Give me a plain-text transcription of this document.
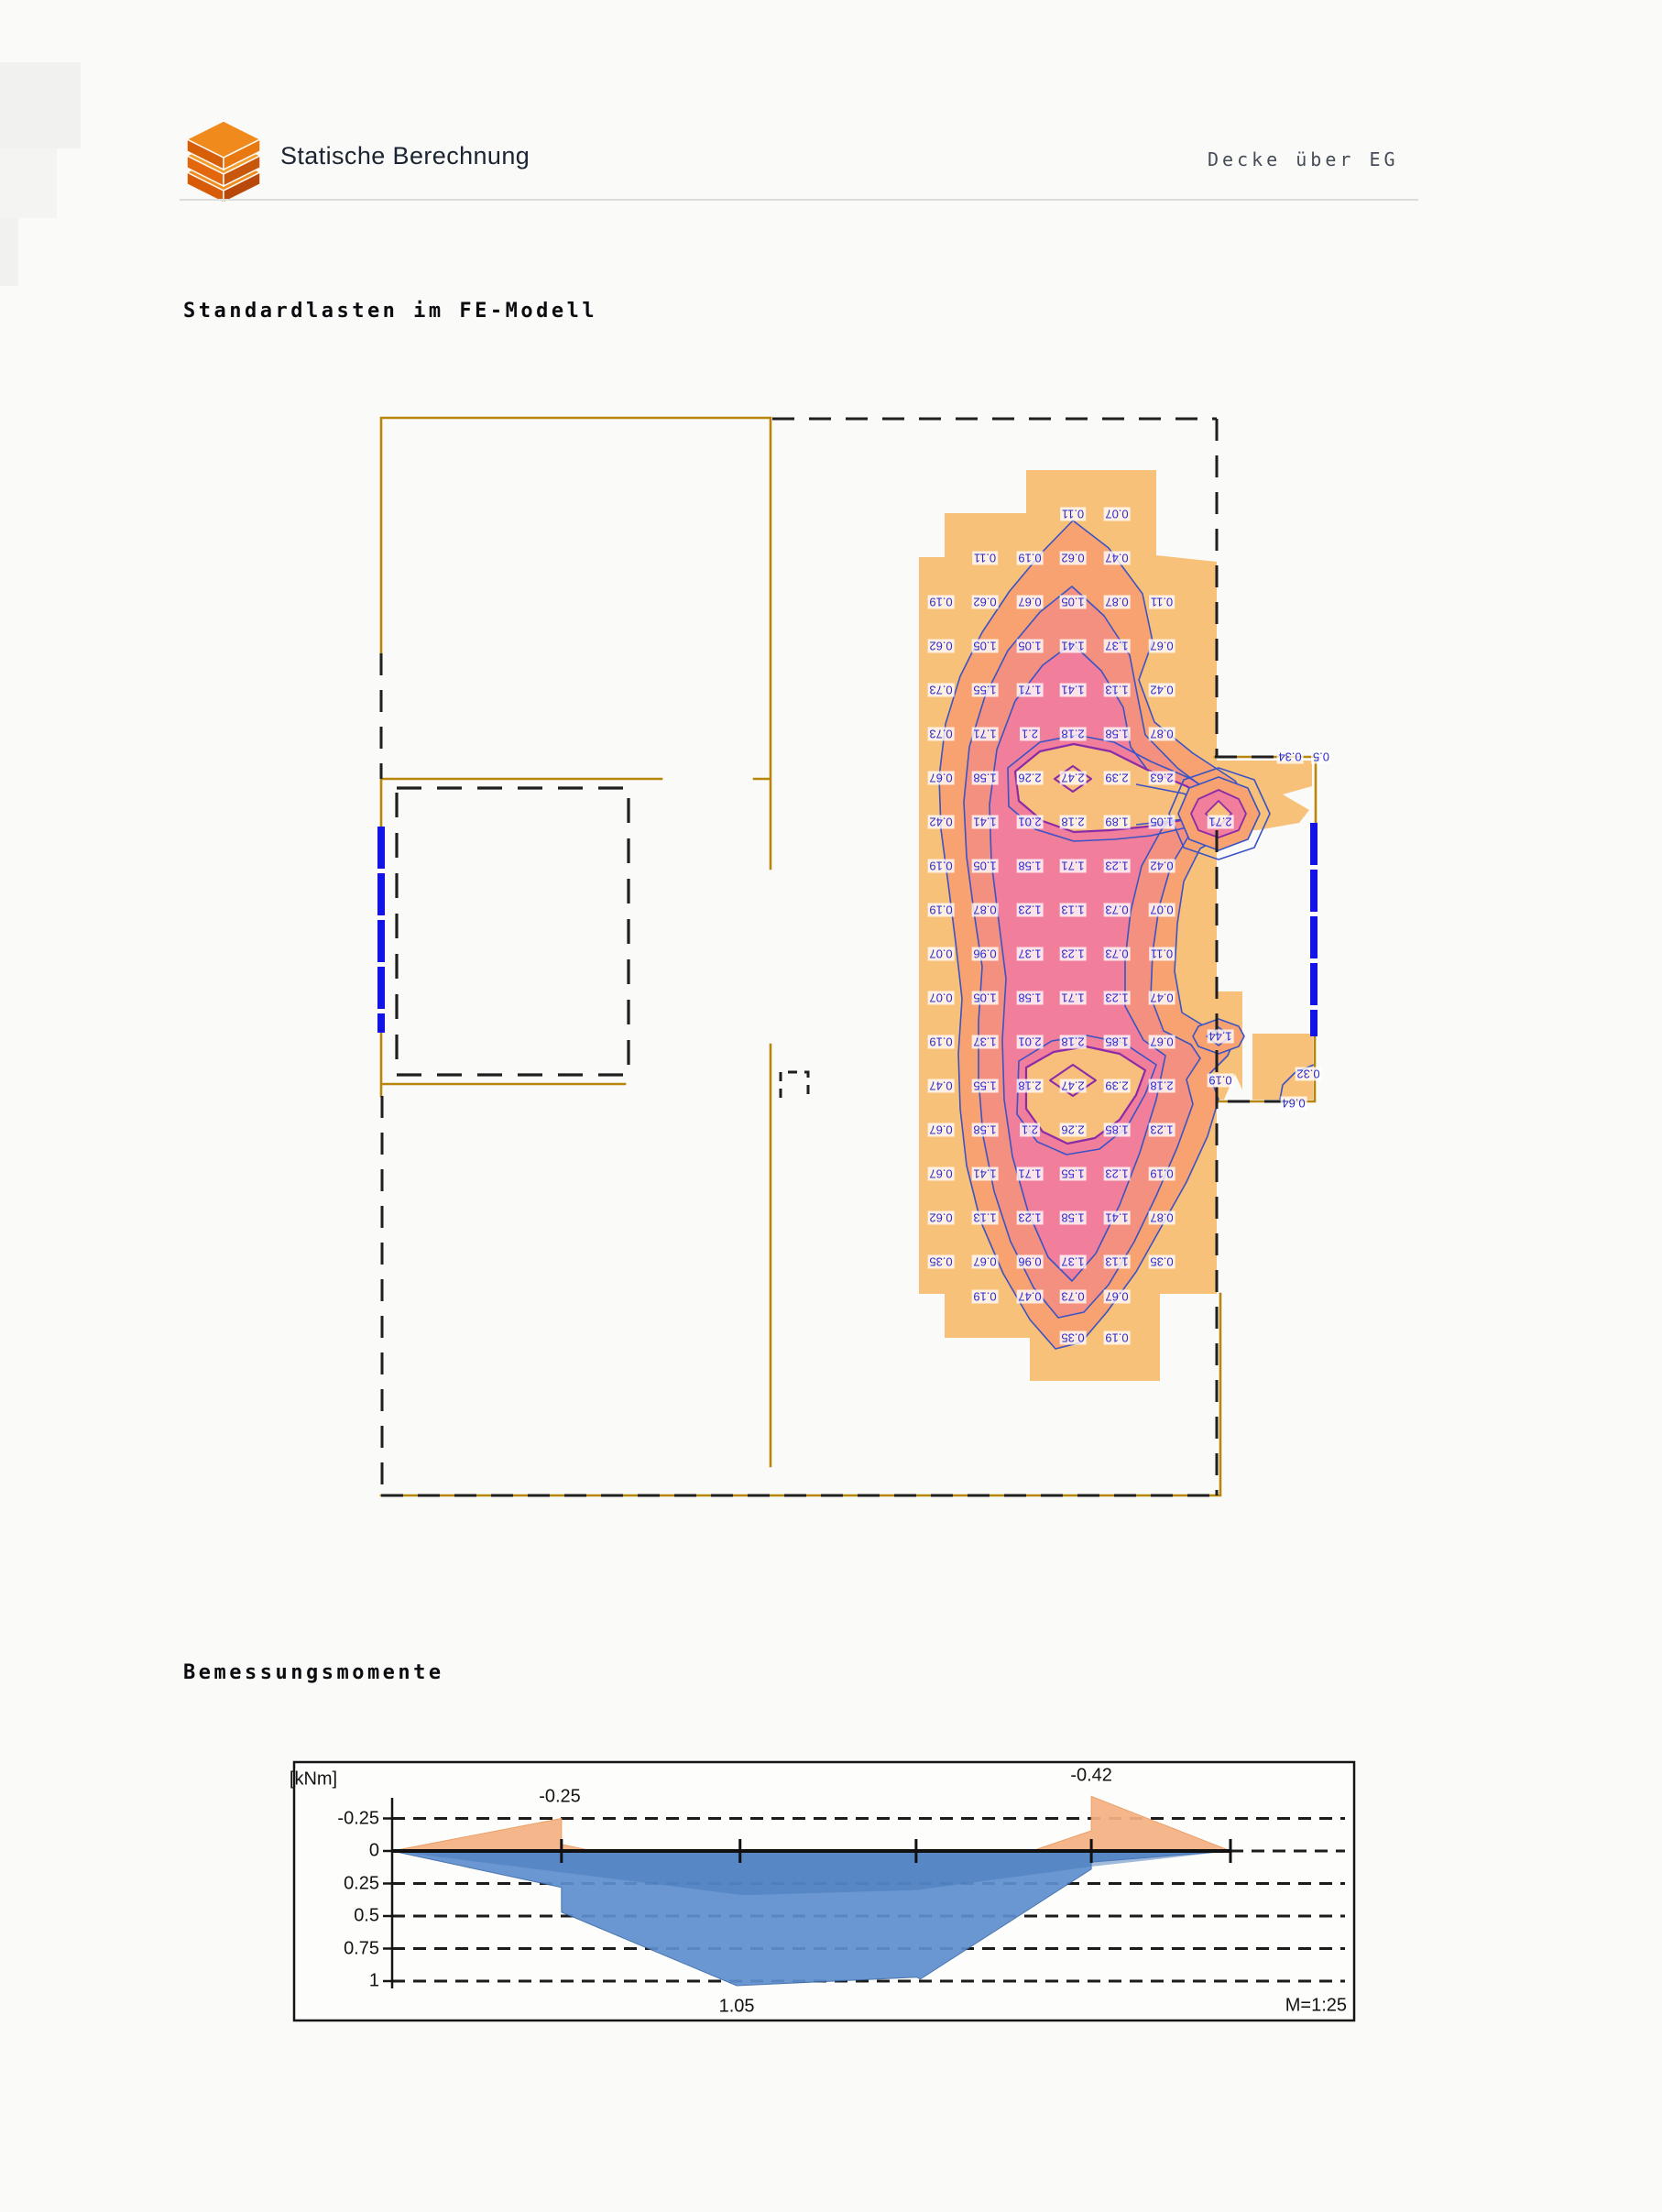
Statische Berechnung	Decke über EG
Standardlasten im FE-Modell
Bemessungsmomente
0.11 0.07
0.11 0.19 0.62 0.47
0.19 0.62 0.67 1.05 0.87 0.11
0.62 1.05 1.05 1.41 1.37 0.67
0.73 1.55 1.71 1.41 1.13 0.42
0.73 1.71 2.1 2.18 1.58 0.87
0.67 1.58 2.26 2.47 2.39 2.63
0.42 1.41 2.01 2.18 1.89 1.05
0.19 1.05 1.58 1.71 1.23 0.42
0.19 0.87 1.23 1.13 0.73 0.07
0.07 0.96 1.37 1.23 0.73 0.11
0.07 1.05 1.58 1.71 1.23 0.47
0.19 1.37 2.01 2.18 1.85 0.67
0.47 1.55 2.18 2.47 2.39 2.18
0.67 1.58 2.1 2.26 1.85 1.23
0.67 1.41 1.71 1.55 1.23 0.19
0.62 1.13 1.23 1.58 1.41 0.87
0.35 0.67 0.96 1.37 1.13 0.35
0.19 0.47 0.73 0.67
0.35 0.19
2.71
1.44
0.19
0.34 0.5
0.32
0.64
-0.25
0
0.25
0.5
0.75
1
-0.25
-0.42
1.05
[kNm]
M=1:25
